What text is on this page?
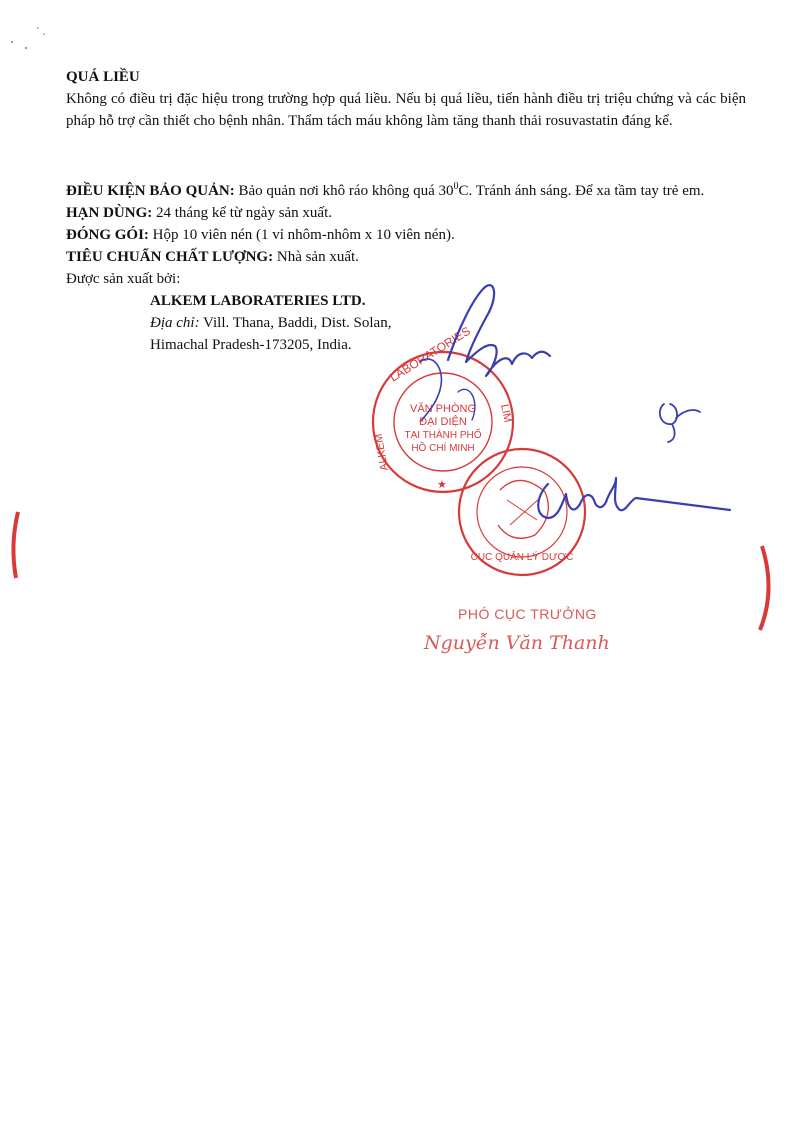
QUÁ LIỀU
Không có điều trị đặc hiệu trong trường hợp quá liều. Nếu bị quá liều, tiến hành điều trị triệu chứng và các biện pháp hỗ trợ cần thiết cho bệnh nhân. Thẩm tách máu không làm tăng thanh thải rosuvastatin đáng kể.
ĐIỀU KIỆN BẢO QUẢN: Bảo quản nơi khô ráo không quá $30^0C$. Tránh ánh sáng. Để xa tầm tay trẻ em.
HẠN DÙNG: 24 tháng kể từ ngày sản xuất.
ĐÓNG GÓI: Hộp 10 viên nén (1 vỉ nhôm-nhôm x 10 viên nén).
TIÊU CHUẨN CHẤT LƯỢNG: Nhà sản xuất.
Được sản xuất bởi:
ALKEM LABORATERIES LTD.
Địa chỉ: Vill. Thana, Baddi, Dist. Solan,
Himachal Pradesh-173205, India.	LABORATORIES
ALKEM
LIM
VĂN PHÒNG
ĐẠI DIỆN
TẠI THÀNH PHỐ
HỒ CHÍ MINH
★
CỤC QUẢN LÝ DƯỢC
PHÓ CỤC TRƯỞNG
Nguyễn Văn Thanh
